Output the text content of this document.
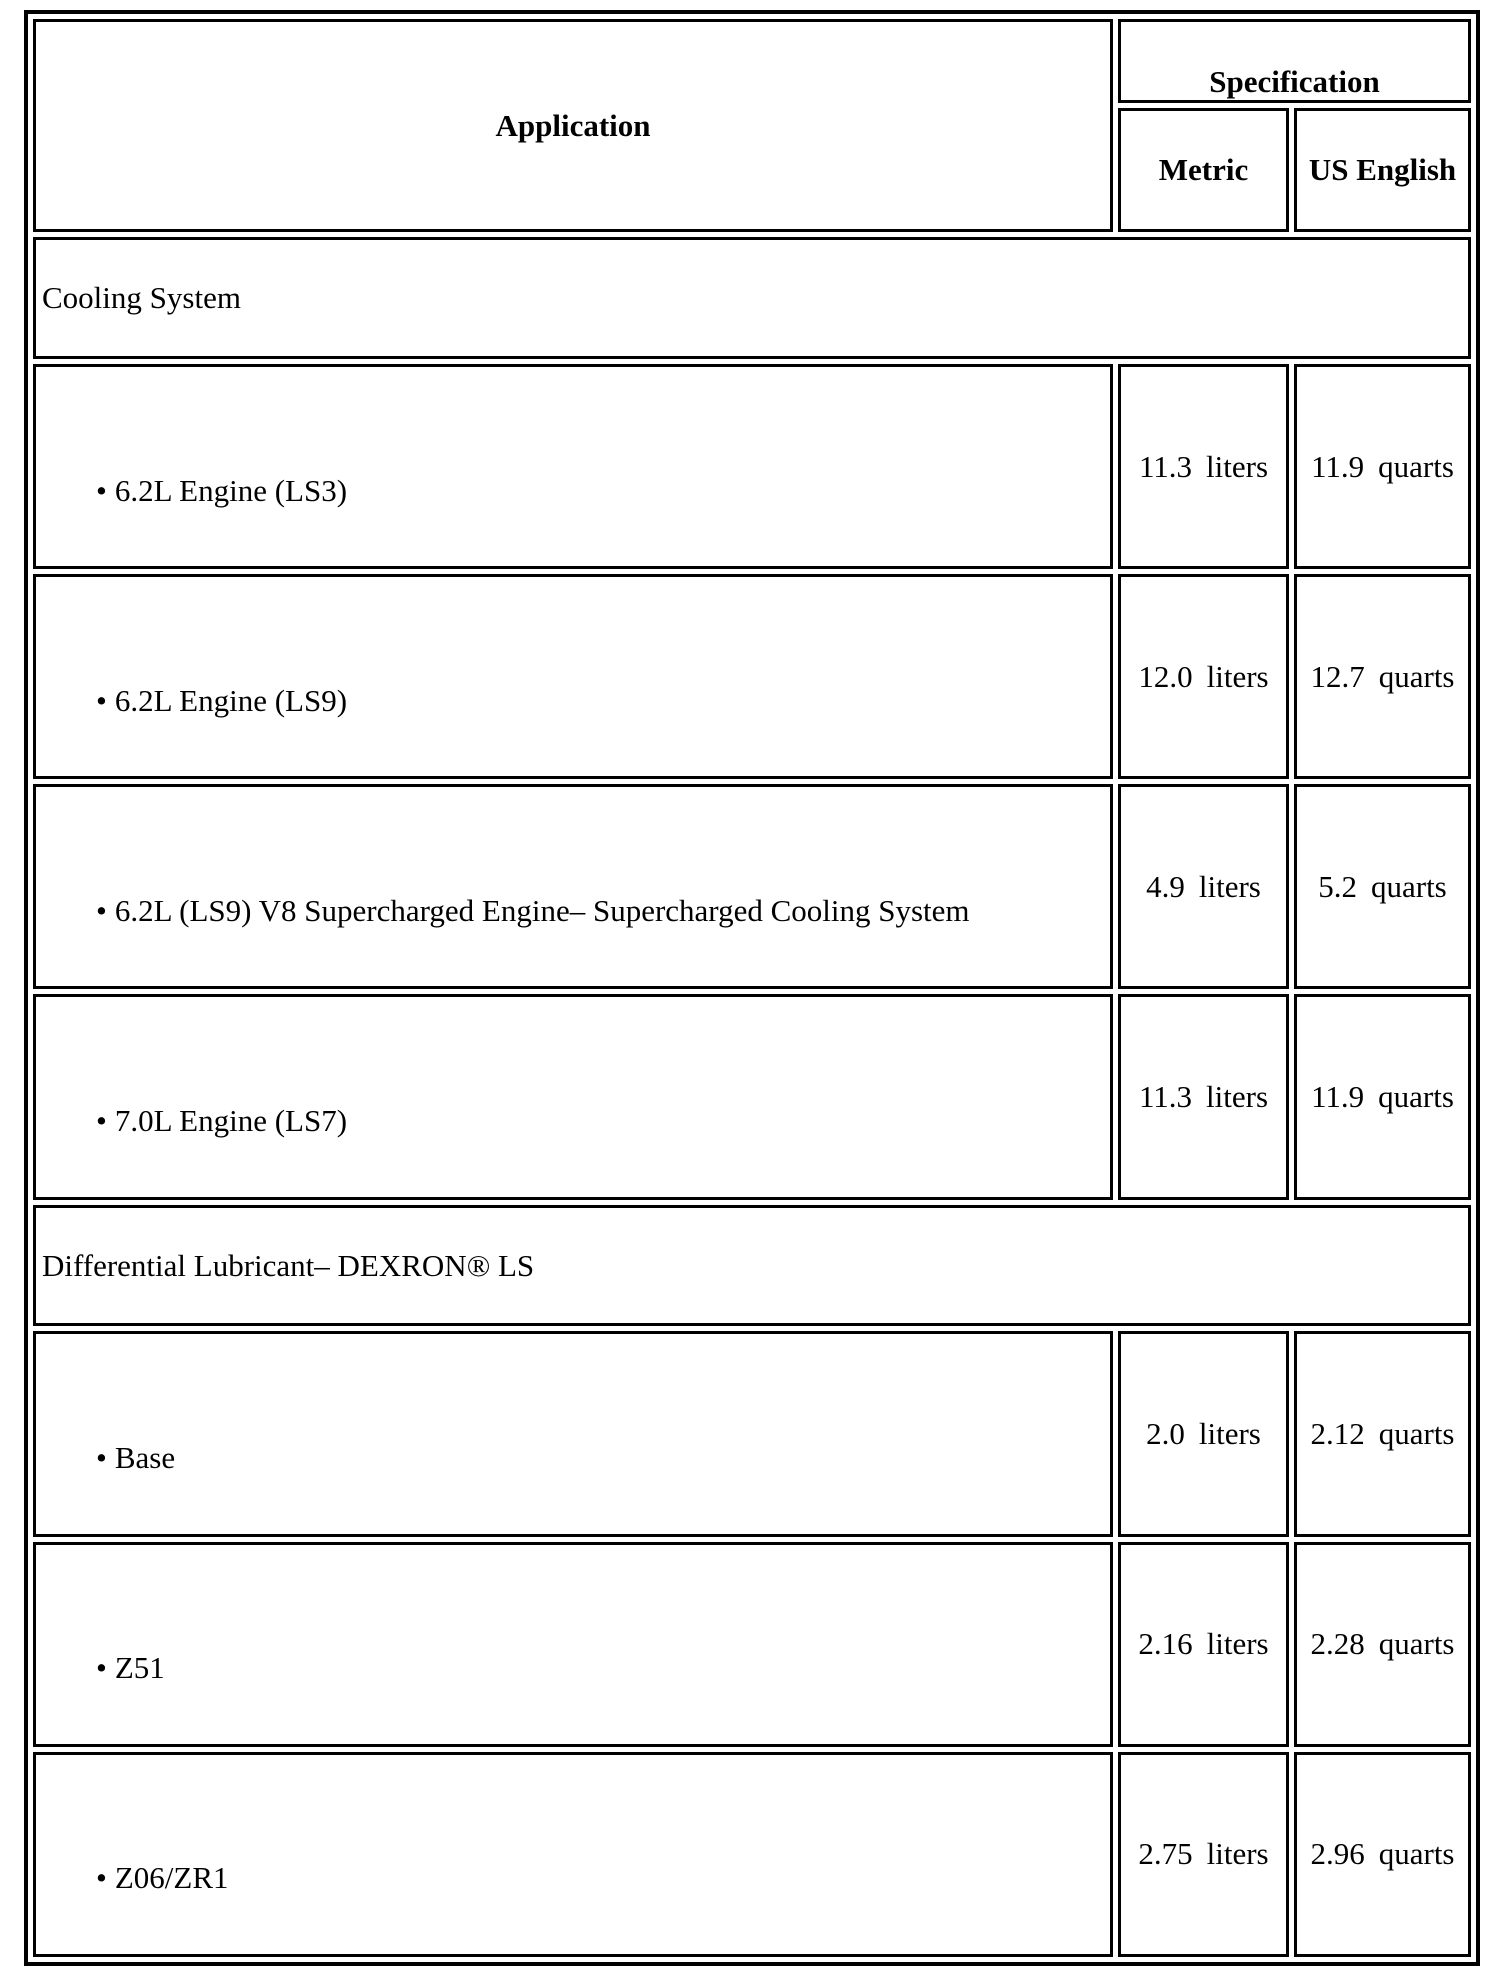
Application	Specification	
	Metric	US English
Cooling System		
• 6.2L Engine (LS3)	11.3 liters	11.9 quarts
• 6.2L Engine (LS9)	12.0 liters	12.7 quarts
• 6.2L (LS9) V8 Supercharged Engine– Supercharged Cooling System	4.9 liters	5.2 quarts
• 7.0L Engine (LS7)	11.3 liters	11.9 quarts
Differential Lubricant– DEXRON® LS		
• Base	2.0 liters	2.12 quarts
• Z51	2.16 liters	2.28 quarts
• Z06/ZR1	2.75 liters	2.96 quarts
